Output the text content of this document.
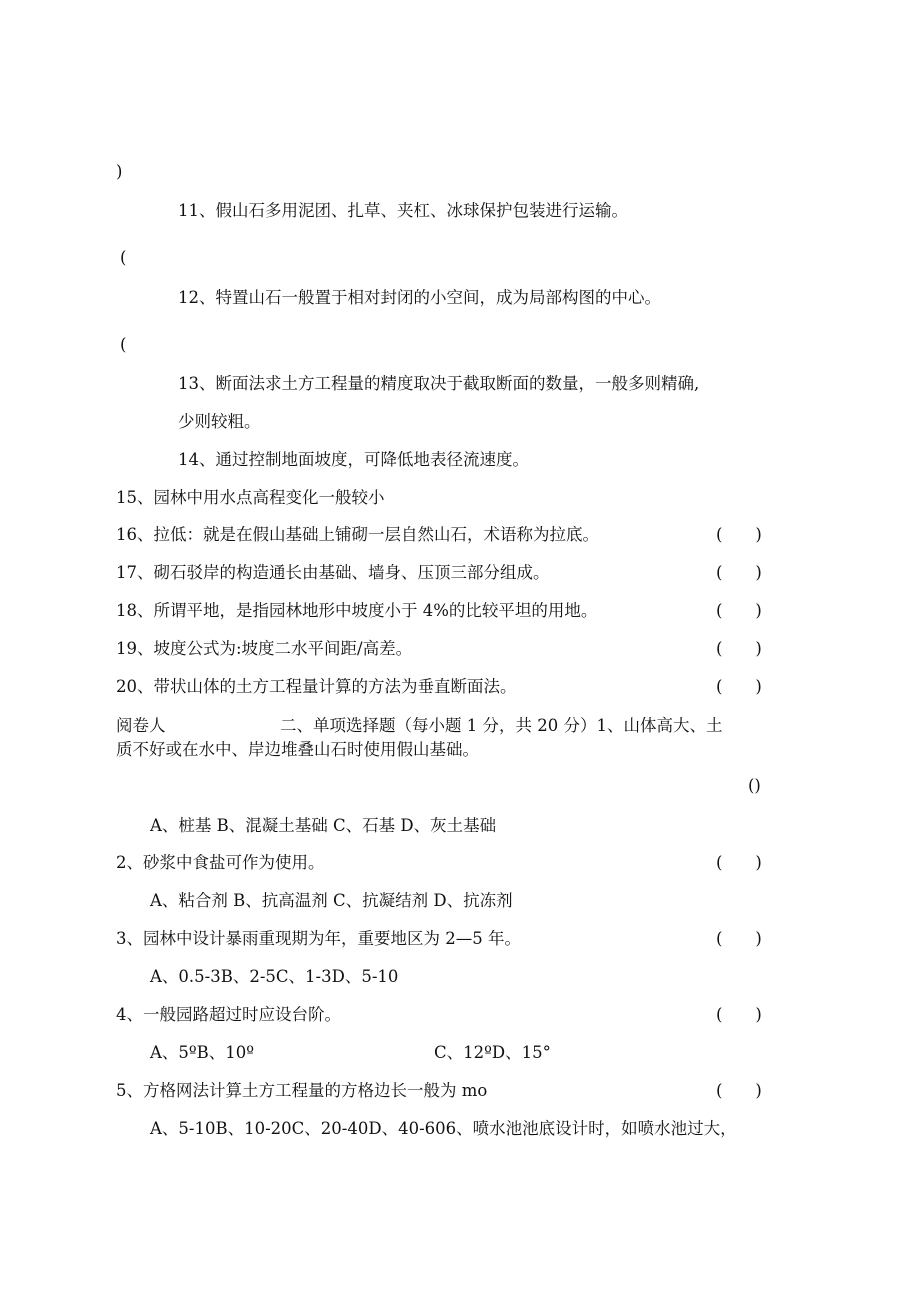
)
11、假山石多用泥团、扎草、夹杠、冰球保护包装进行运输。
(
12、特置山石一般置于相对封闭的小空间，成为局部构图的中心。
(
13、断面法求土方工程量的精度取决于截取断面的数量，一般多则精确,
少则较粗。
14、通过控制地面坡度，可降低地表径流速度。
15、园林中用水点高程变化一般较小
16、拉低：就是在假山基础上铺砌一层自然山石，术语称为拉底。	(　　)
17、砌石驳岸的构造通长由基础、墙身、压顶三部分组成。	(　　)
18、所谓平地，是指园林地形中坡度小于 4%的比较平坦的用地。	(　　)
19、坡度公式为:坡度二水平间距/高差。	(　　)
20、带状山体的土方工程量计算的方法为垂直断面法。	(　　)
阅卷人	二、单项选择题（每小题 1 分，共 20 分）1、山体高大、土
质不好或在水中、岸边堆叠山石时使用假山基础。
()
A、桩基 B、混凝土基础 C、石基 D、灰土基础
2、砂浆中食盐可作为使用。	(　　)
A、粘合剂 B、抗高温剂 C、抗凝结剂 D、抗冻剂
3、园林中设计暴雨重现期为年，重要地区为 2—5 年。	(　　)
A、0.5-3B、2-5C、1-3D、5-10
4、一般园路超过时应设台阶。	(　　)
A、5ºB、10º	C、12ºD、15°
5、方格网法计算土方工程量的方格边长一般为 mo	(　　)
A、5-10B、10-20C、20-40D、40-606、喷水池池底设计时，如喷水池过大，
